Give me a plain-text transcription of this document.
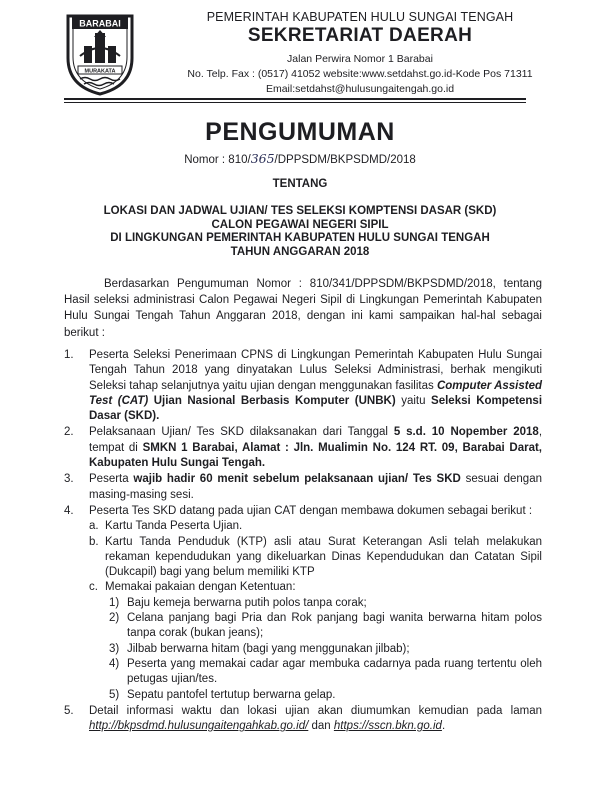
BARABAI
MURAKATA
PEMERINTAH KABUPATEN HULU SUNGAI TENGAH
SEKRETARIAT DAERAH
Jalan Perwira Nomor 1 Barabai
No. Telp. Fax : (0517) 41052 website:www.setdahst.go.id-Kode Pos 71311
Email:setdahst@hulusungaitengah.go.id
PENGUMUMAN
Nomor : 810/365/DPPSDM/BKPSDMD/2018
TENTANG
LOKASI DAN JADWAL UJIAN/ TES SELEKSI KOMPTENSI DASAR (SKD)
CALON PEGAWAI NEGERI SIPIL
DI LINGKUNGAN PEMERINTAH KABUPATEN HULU SUNGAI TENGAH
TAHUN ANGGARAN 2018
Berdasarkan Pengumuman Nomor : 810/341/DPPSDM/BKPSDMD/2018, tentang Hasil seleksi administrasi Calon Pegawai Negeri Sipil di Lingkungan Pemerintah Kabupaten Hulu Sungai Tengah Tahun Anggaran 2018, dengan ini kami sampaikan hal-hal sebagai berikut :
1. Peserta Seleksi Penerimaan CPNS di Lingkungan Pemerintah Kabupaten Hulu Sungai Tengah Tahun 2018 yang dinyatakan Lulus Seleksi Administrasi, berhak mengikuti Seleksi tahap selanjutnya yaitu ujian dengan menggunakan fasilitas Computer Assisted Test (CAT) Ujian Nasional Berbasis Komputer (UNBK) yaitu Seleksi Kompetensi Dasar (SKD).
2. Pelaksanaan Ujian/ Tes SKD dilaksanakan dari Tanggal 5 s.d. 10 Nopember 2018, tempat di SMKN 1 Barabai, Alamat : Jln. Mualimin No. 124 RT. 09, Barabai Darat, Kabupaten Hulu Sungai Tengah.
3. Peserta wajib hadir 60 menit sebelum pelaksanaan ujian/ Tes SKD sesuai dengan masing-masing sesi.
4. Peserta Tes SKD datang pada ujian CAT dengan membawa dokumen sebagai berikut :
a. Kartu Tanda Peserta Ujian.
b. Kartu Tanda Penduduk (KTP) asli atau Surat Keterangan Asli telah melakukan rekaman kependudukan yang dikeluarkan Dinas Kependudukan dan Catatan Sipil (Dukcapil) bagi yang belum memiliki KTP
c. Memakai pakaian dengan Ketentuan:
1) Baju kemeja berwarna putih polos tanpa corak;
2) Celana panjang bagi Pria dan Rok panjang bagi wanita berwarna hitam polos tanpa corak (bukan jeans);
3) Jilbab berwarna hitam (bagi yang menggunakan jilbab);
4) Peserta yang memakai cadar agar membuka cadarnya pada ruang tertentu oleh petugas ujian/tes.
5) Sepatu pantofel tertutup berwarna gelap.
5. Detail informasi waktu dan lokasi ujian akan diumumkan kemudian pada laman http://bkpsdmd.hulusungaitengahkab.go.id/ dan https://sscn.bkn.go.id.
